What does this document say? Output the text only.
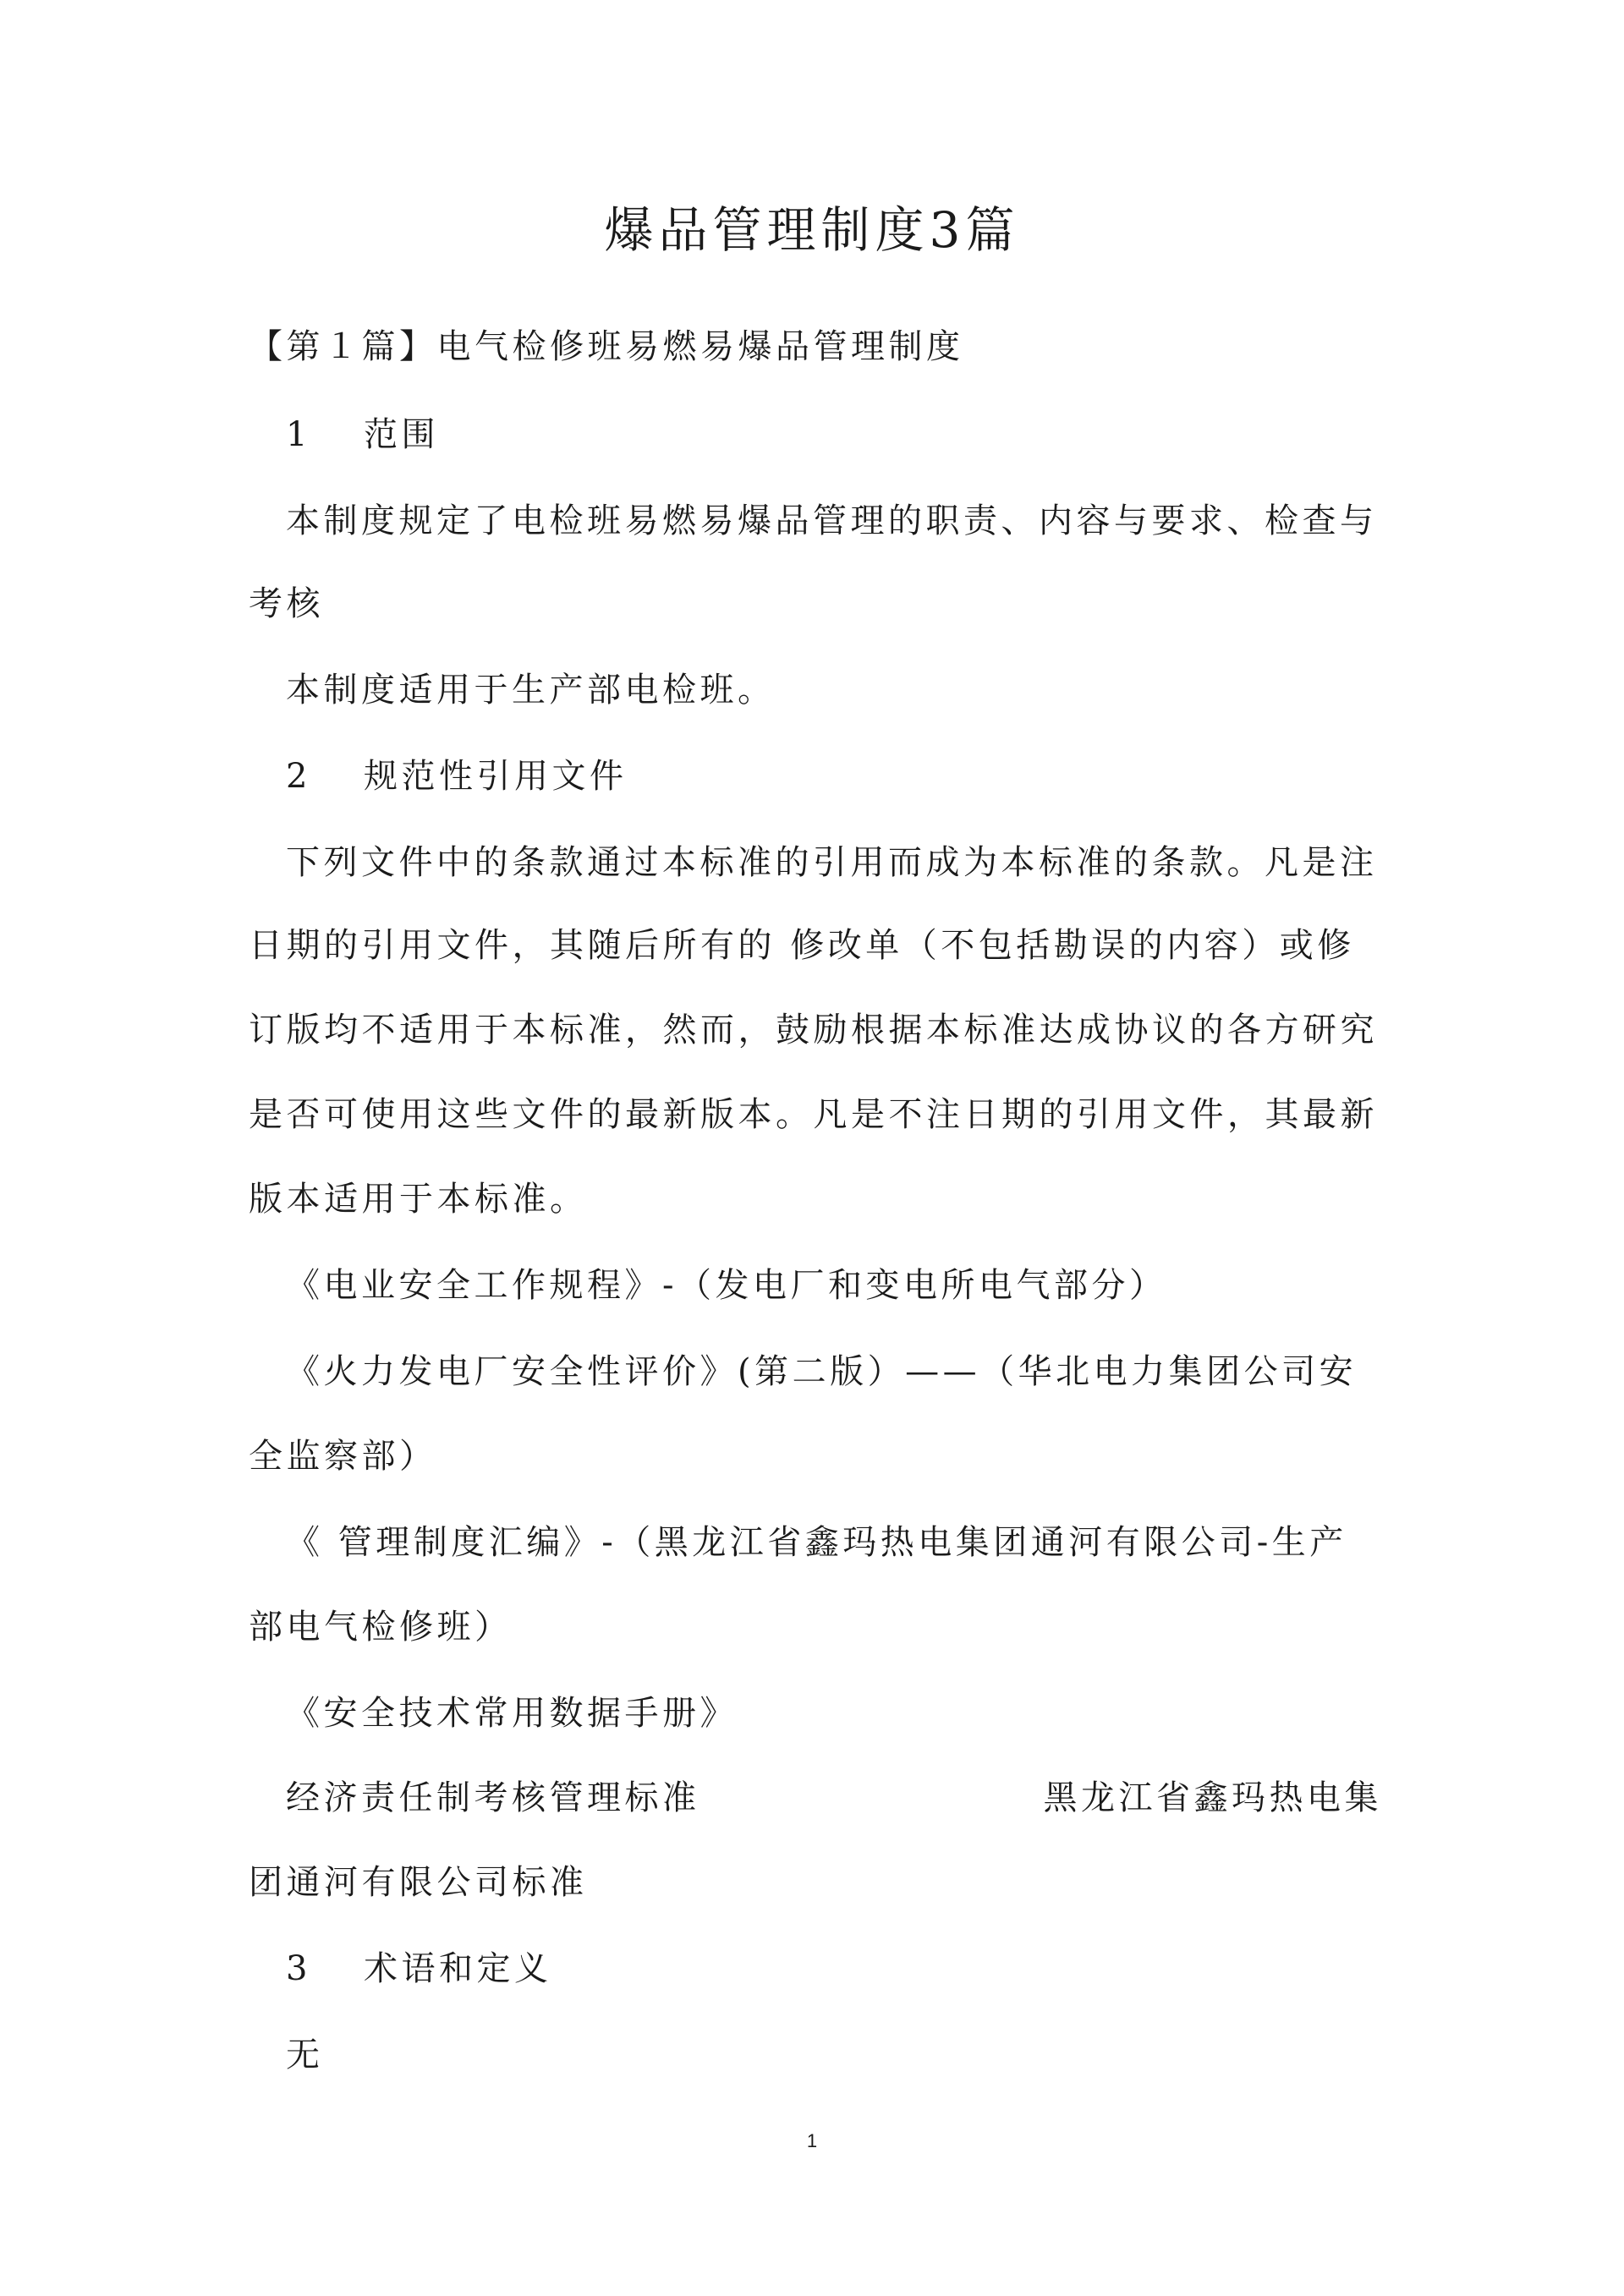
爆品管理制度3篇
【第１篇】电气检修班易燃易爆品管理制度
1 范围
本制度规定了电检班易燃易爆品管理的职责、内容与要求、检查与
考核
本制度适用于生产部电检班。
2 规范性引用文件
下列文件中的条款通过本标准的引用而成为本标准的条款。凡是注
日期的引用文件，其随后所有的 修改单（不包括勘误的内容）或修
订版均不适用于本标准，然而，鼓励根据本标准达成协议的各方研究
是否可使用这些文件的最新版本。凡是不注日期的引用文件，其最新
版本适用于本标准。
《电业安全工作规程》-（发电厂和变电所电气部分）
《火力发电厂安全性评价》(第二版）——（华北电力集团公司安
全监察部）
《 管理制度汇编》-（黑龙江省鑫玛热电集团通河有限公司-生产
部电气检修班）
《安全技术常用数据手册》
经济责任制考核管理标准	黑龙江省鑫玛热电集
团通河有限公司标准
3 术语和定义
无
1
